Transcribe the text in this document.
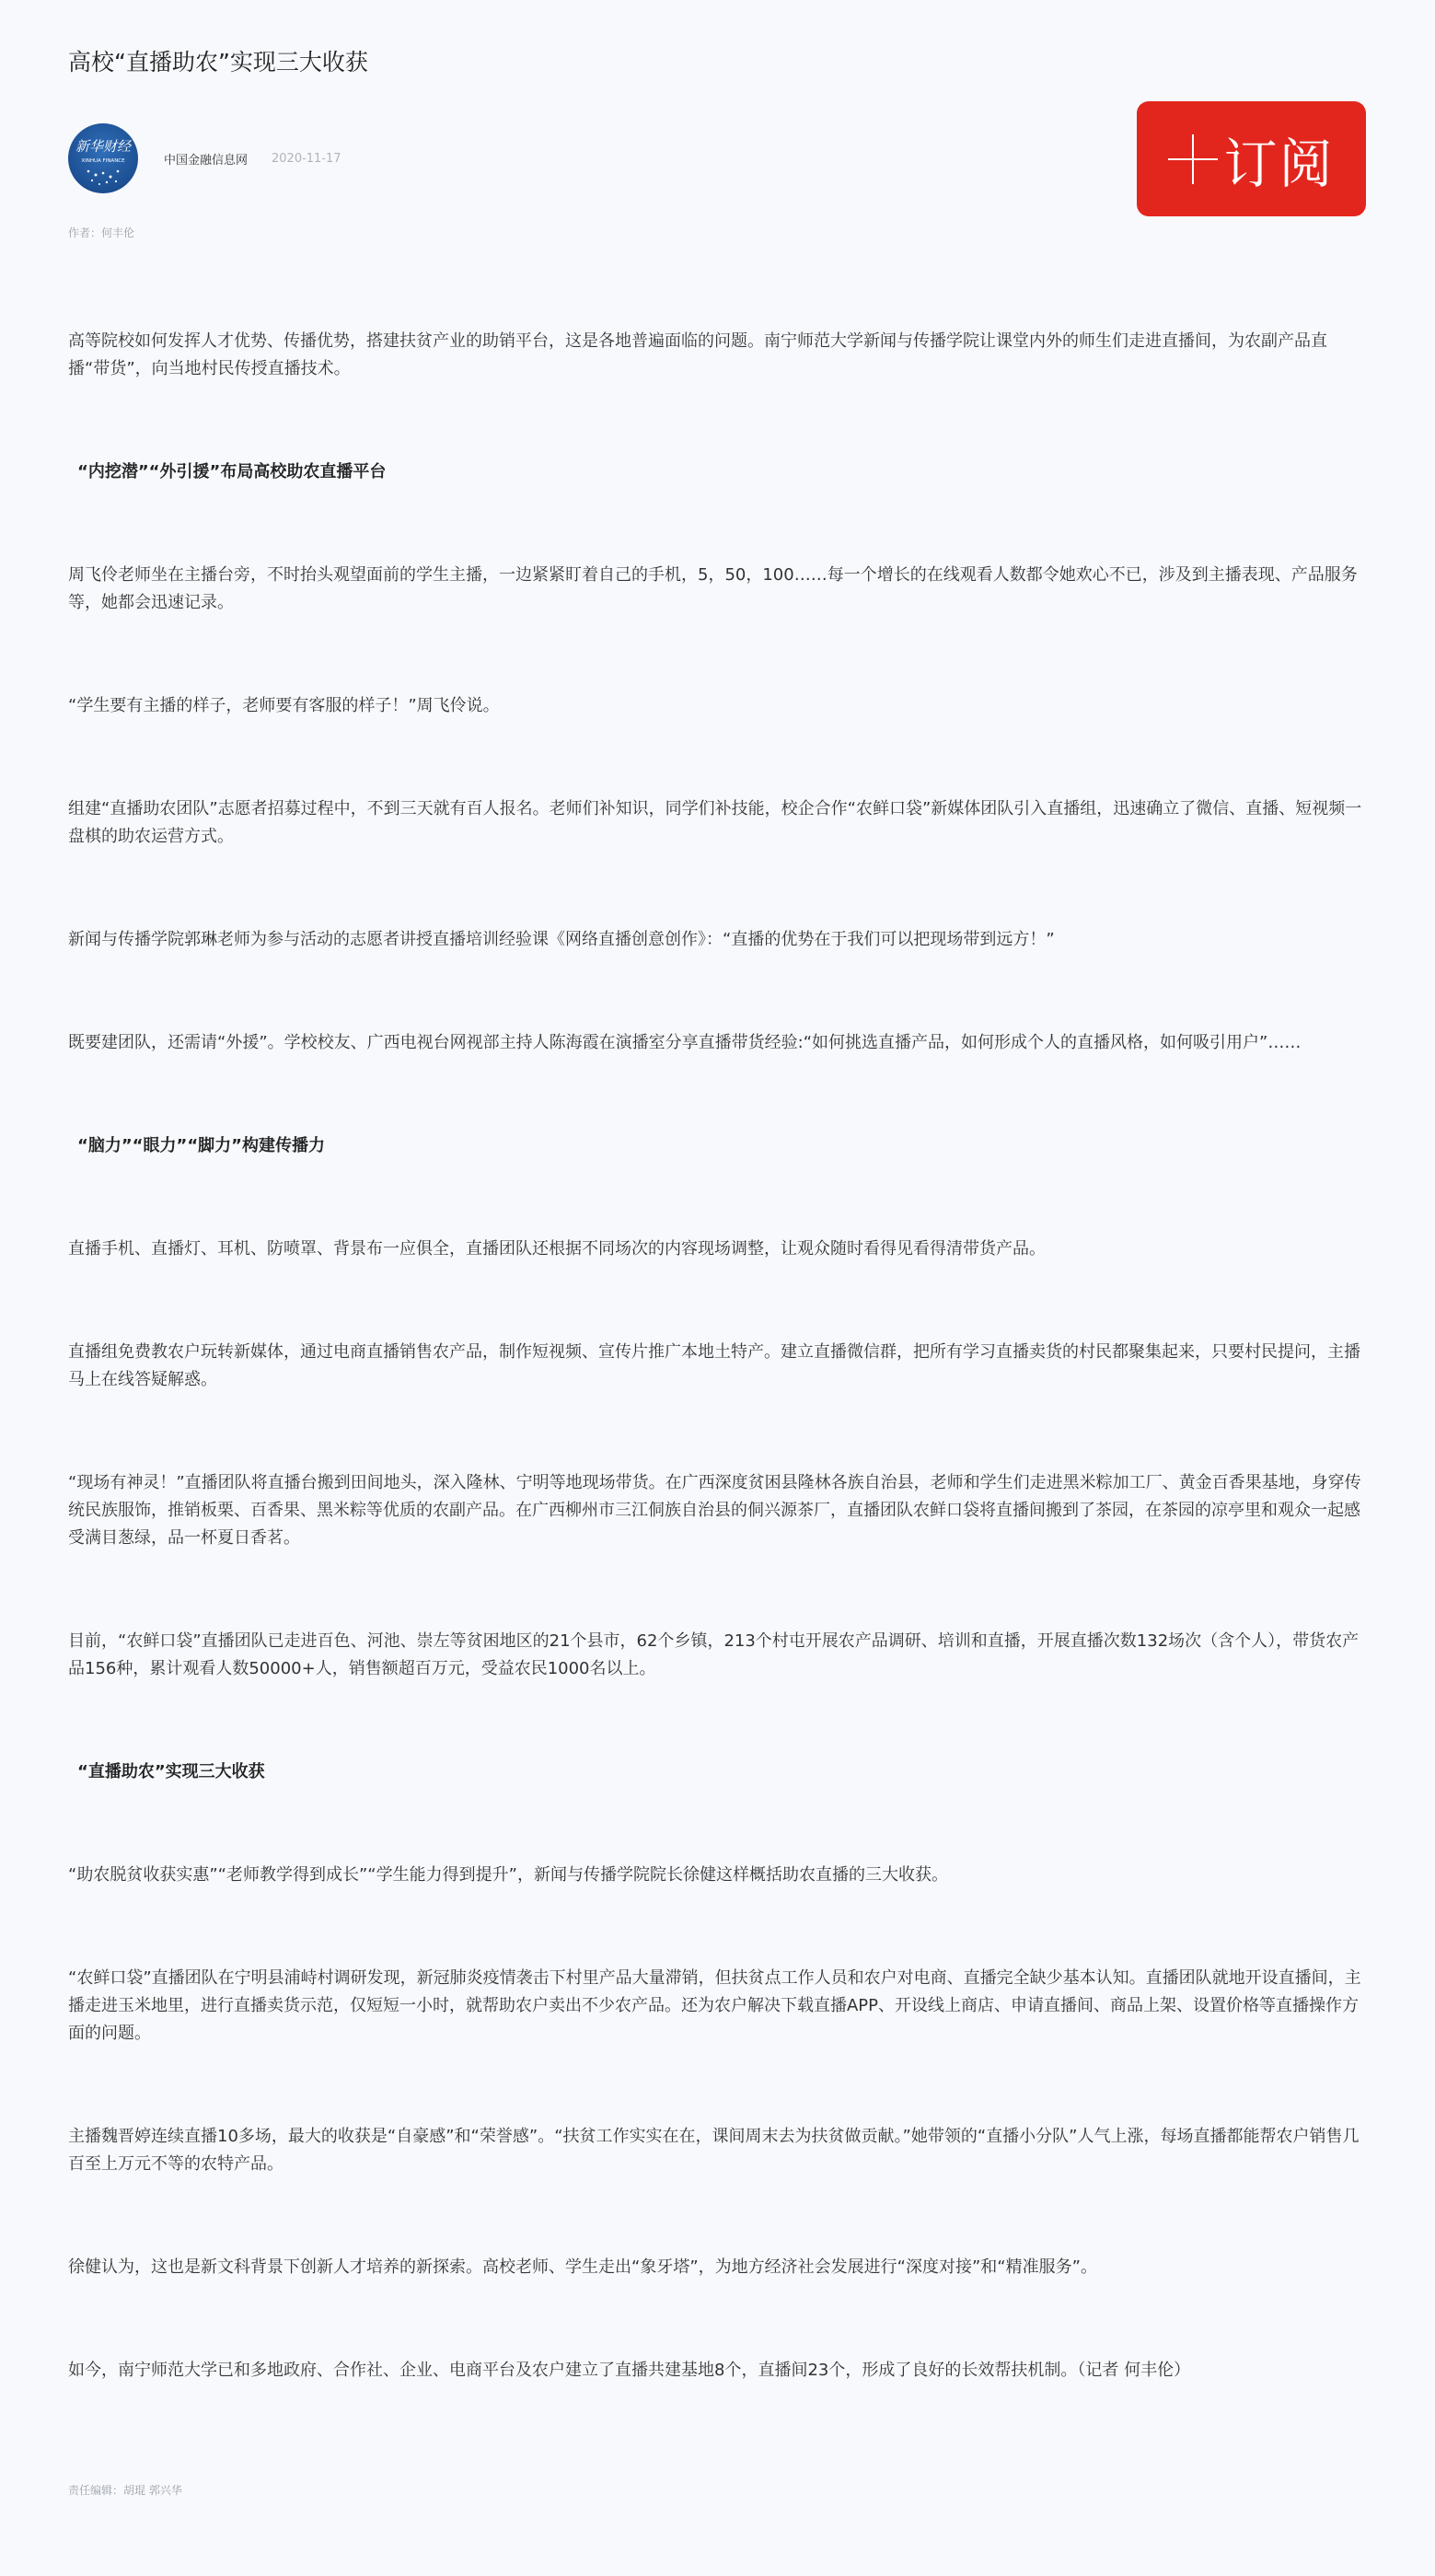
高校“直播助农”实现三大收获
新华财经
XINHUA FINANCE	中国金融信息网 2020-11-17
作者：何丰伦
订阅

高等院校如何发挥人才优势、传播优势，搭建扶贫产业的助销平台，这是各地普遍面临的问题。南宁师范大学新闻与传播学院让课堂内外的师生们走进直播间，为农副产品直播“带货”，向当地村民传授直播技术。

“内挖潜”“外引援”布局高校助农直播平台

周飞伶老师坐在主播台旁，不时抬头观望面前的学生主播，一边紧紧盯着自己的手机，5，50，100……每一个增长的在线观看人数都令她欢心不已，涉及到主播表现、产品服务等，她都会迅速记录。

“学生要有主播的样子，老师要有客服的样子！”周飞伶说。

组建“直播助农团队”志愿者招募过程中，不到三天就有百人报名。老师们补知识，同学们补技能，校企合作“农鲜口袋”新媒体团队引入直播组，迅速确立了微信、直播、短视频一盘棋的助农运营方式。

新闻与传播学院郭琳老师为参与活动的志愿者讲授直播培训经验课《网络直播创意创作》：“直播的优势在于我们可以把现场带到远方！”

既要建团队，还需请“外援”。学校校友、广西电视台网视部主持人陈海霞在演播室分享直播带货经验:“如何挑选直播产品，如何形成个人的直播风格，如何吸引用户”……

“脑力”“眼力”“脚力”构建传播力

直播手机、直播灯、耳机、防喷罩、背景布一应俱全，直播团队还根据不同场次的内容现场调整，让观众随时看得见看得清带货产品。

直播组免费教农户玩转新媒体，通过电商直播销售农产品，制作短视频、宣传片推广本地土特产。建立直播微信群，把所有学习直播卖货的村民都聚集起来，只要村民提问，主播马上在线答疑解惑。

“现场有神灵！”直播团队将直播台搬到田间地头，深入隆林、宁明等地现场带货。在广西深度贫困县隆林各族自治县，老师和学生们走进黑米粽加工厂、黄金百香果基地，身穿传统民族服饰，推销板栗、百香果、黑米粽等优质的农副产品。在广西柳州市三江侗族自治县的侗兴源茶厂，直播团队农鲜口袋将直播间搬到了茶园，在茶园的凉亭里和观众一起感受满目葱绿，品一杯夏日香茗。

目前，“农鲜口袋”直播团队已走进百色、河池、崇左等贫困地区的21个县市，62个乡镇，213个村屯开展农产品调研、培训和直播，开展直播次数132场次（含个人），带货农产品156种，累计观看人数50000+人，销售额超百万元，受益农民1000名以上。

“直播助农”实现三大收获

“助农脱贫收获实惠”“老师教学得到成长”“学生能力得到提升”，新闻与传播学院院长徐健这样概括助农直播的三大收获。

“农鲜口袋”直播团队在宁明县浦峙村调研发现，新冠肺炎疫情袭击下村里产品大量滞销，但扶贫点工作人员和农户对电商、直播完全缺少基本认知。直播团队就地开设直播间，主播走进玉米地里，进行直播卖货示范，仅短短一小时，就帮助农户卖出不少农产品。还为农户解决下载直播APP、开设线上商店、申请直播间、商品上架、设置价格等直播操作方面的问题。

主播魏晋婷连续直播10多场，最大的收获是“自豪感”和“荣誉感”。“扶贫工作实实在在，课间周末去为扶贫做贡献。”她带领的“直播小分队”人气上涨，每场直播都能帮农户销售几百至上万元不等的农特产品。

徐健认为，这也是新文科背景下创新人才培养的新探索。高校老师、学生走出“象牙塔”，为地方经济社会发展进行“深度对接”和“精准服务”。

如今，南宁师范大学已和多地政府、合作社、企业、电商平台及农户建立了直播共建基地8个，直播间23个，形成了良好的长效帮扶机制。（记者 何丰伦）

责任编辑：胡琨 郭兴华
